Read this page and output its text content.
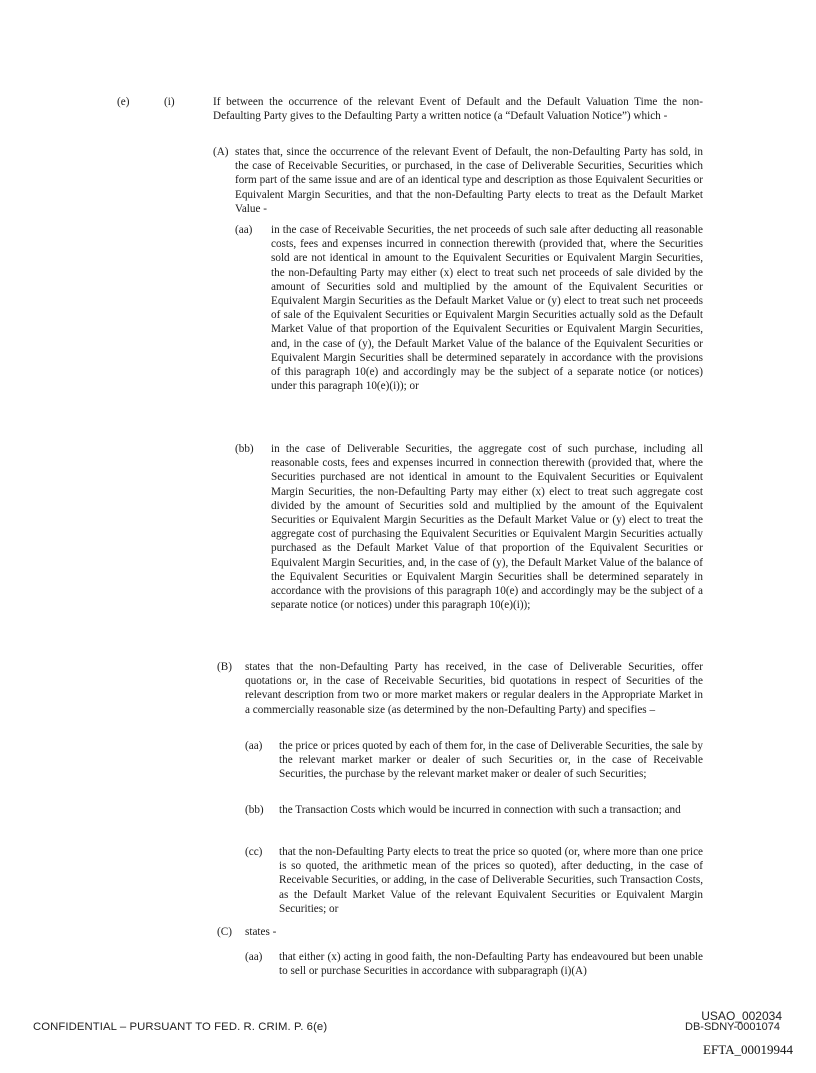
(e)	(i)	If between the occurrence of the relevant Event of Default and the Default Valuation Time the non-Defaulting Party gives to the Defaulting Party a written notice (a “Default Valuation Notice”) which -

(A) states that, since the occurrence of the relevant Event of Default, the non-Defaulting Party has sold, in the case of Receivable Securities, or purchased, in the case of Deliverable Securities, Securities which form part of the same issue and are of an identical type and description as those Equivalent Securities or Equivalent Margin Securities, and that the non-Defaulting Party elects to treat as the Default Market Value -

(aa) in the case of Receivable Securities, the net proceeds of such sale after deducting all reasonable costs, fees and expenses incurred in connection therewith (provided that, where the Securities sold are not identical in amount to the Equivalent Securities or Equivalent Margin Securities, the non-Defaulting Party may either (x) elect to treat such net proceeds of sale divided by the amount of Securities sold and multiplied by the amount of the Equivalent Securities or Equivalent Margin Securities as the Default Market Value or (y) elect to treat such net proceeds of sale of the Equivalent Securities or Equivalent Margin Securities actually sold as the Default Market Value of that proportion of the Equivalent Securities or Equivalent Margin Securities, and, in the case of (y), the Default Market Value of the balance of the Equivalent Securities or Equivalent Margin Securities shall be determined separately in accordance with the provisions of this paragraph 10(e) and accordingly may be the subject of a separate notice (or notices) under this paragraph 10(e)(i)); or

(bb) in the case of Deliverable Securities, the aggregate cost of such purchase, including all reasonable costs, fees and expenses incurred in connection therewith (provided that, where the Securities purchased are not identical in amount to the Equivalent Securities or Equivalent Margin Securities, the non-Defaulting Party may either (x) elect to treat such aggregate cost divided by the amount of Securities sold and multiplied by the amount of the Equivalent Securities or Equivalent Margin Securities as the Default Market Value or (y) elect to treat the aggregate cost of purchasing the Equivalent Securities or Equivalent Margin Securities actually purchased as the Default Market Value of that proportion of the Equivalent Securities or Equivalent Margin Securities, and, in the case of (y), the Default Market Value of the balance of the Equivalent Securities or Equivalent Margin Securities shall be determined separately in accordance with the provisions of this paragraph 10(e) and accordingly may be the subject of a separate notice (or notices) under this paragraph 10(e)(i));

(B) states that the non-Defaulting Party has received, in the case of Deliverable Securities, offer quotations or, in the case of Receivable Securities, bid quotations in respect of Securities of the relevant description from two or more market makers or regular dealers in the Appropriate Market in a commercially reasonable size (as determined by the non-Defaulting Party) and specifies –

(aa) the price or prices quoted by each of them for, in the case of Deliverable Securities, the sale by the relevant market marker or dealer of such Securities or, in the case of Receivable Securities, the purchase by the relevant market maker or dealer of such Securities;

(bb) the Transaction Costs which would be incurred in connection with such a transaction; and

(cc) that the non-Defaulting Party elects to treat the price so quoted (or, where more than one price is so quoted, the arithmetic mean of the prices so quoted), after deducting, in the case of Receivable Securities, or adding, in the case of Deliverable Securities, such Transaction Costs, as the Default Market Value of the relevant Equivalent Securities or Equivalent Margin Securities; or

(C) states -

(aa) that either (x) acting in good faith, the non-Defaulting Party has endeavoured but been unable to sell or purchase Securities in accordance with subparagraph (i)(A)

CONFIDENTIAL – PURSUANT TO FED. R. CRIM. P. 6(e)
USAO_002034
DB-SDNY-0001074
EFTA_00019944
